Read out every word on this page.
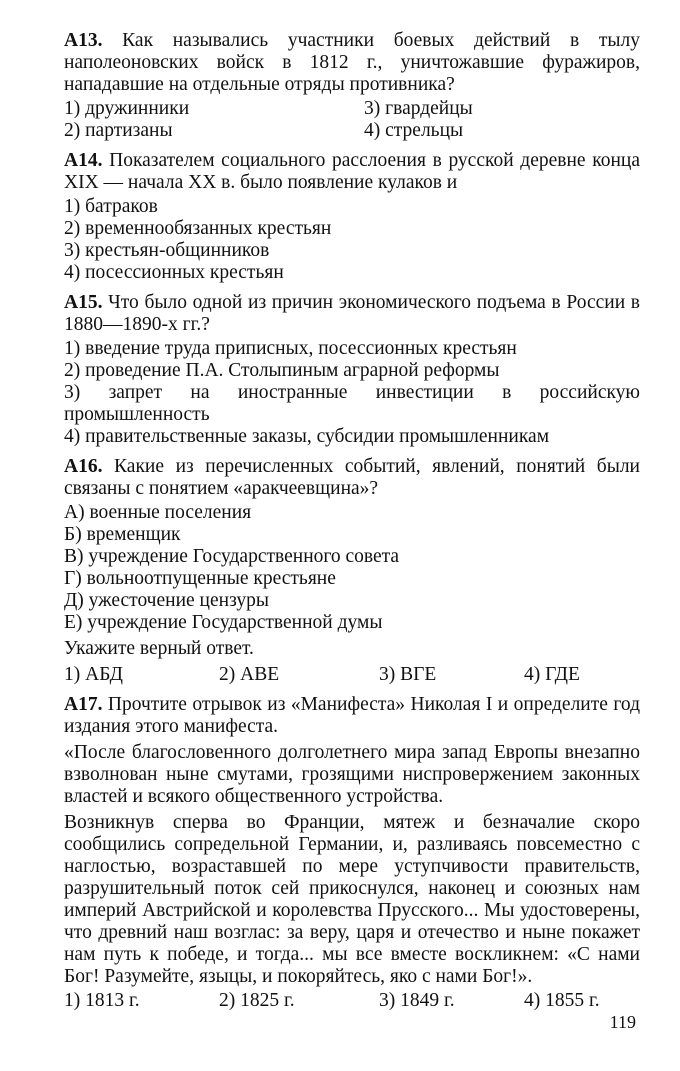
А13. Как назывались участники боевых действий в тылу наполеоновских войск в 1812 г., уничтожавшие фуражиров, нападавшие на отдельные отряды противника?

1) дружинники	3) гвардейцы
2) партизаны	4) стрельцы

А14. Показателем социального расслоения в русской деревне конца XIX — начала XX в. было появление кулаков и

1) батраков
2) временнообязанных крестьян
3) крестьян-общинников
4) посессионных крестьян

А15. Что было одной из причин экономического подъема в России в 1880—1890-х гг.?

1) введение труда приписных, посессионных крестьян
2) проведение П.А. Столыпиным аграрной реформы
3) запрет на иностранные инвестиции в российскую промышленность
4) правительственные заказы, субсидии промышленникам

А16. Какие из перечисленных событий, явлений, понятий были связаны с понятием «аракчеевщина»?

А) военные поселения
Б) временщик
В) учреждение Государственного совета
Г) вольноотпущенные крестьяне
Д) ужесточение цензуры
Е) учреждение Государственной думы

Укажите верный ответ.

1) АБД	2) АВЕ	3) ВГЕ	4) ГДЕ

А17. Прочтите отрывок из «Манифеста» Николая I и определите год издания этого манифеста.

«После благословенного долголетнего мира запад Европы внезапно взволнован ныне смутами, грозящими ниспровержением законных властей и всякого общественного устройства.

Возникнув сперва во Франции, мятеж и безначалие скоро сообщились сопредельной Германии, и, разливаясь повсеместно с наглостью, возраставшей по мере уступчивости правительств, разрушительный поток сей прикоснулся, наконец и союзных нам империй Австрийской и королевства Прусского... Мы удостоверены, что древний наш возглас: за веру, царя и отечество и ныне покажет нам путь к победе, и тогда... мы все вместе воскликнем: «С нами Бог! Разумейте, языцы, и покоряйтесь, яко с нами Бог!».

1) 1813 г.	2) 1825 г.	3) 1849 г.	4) 1855 г.
119
